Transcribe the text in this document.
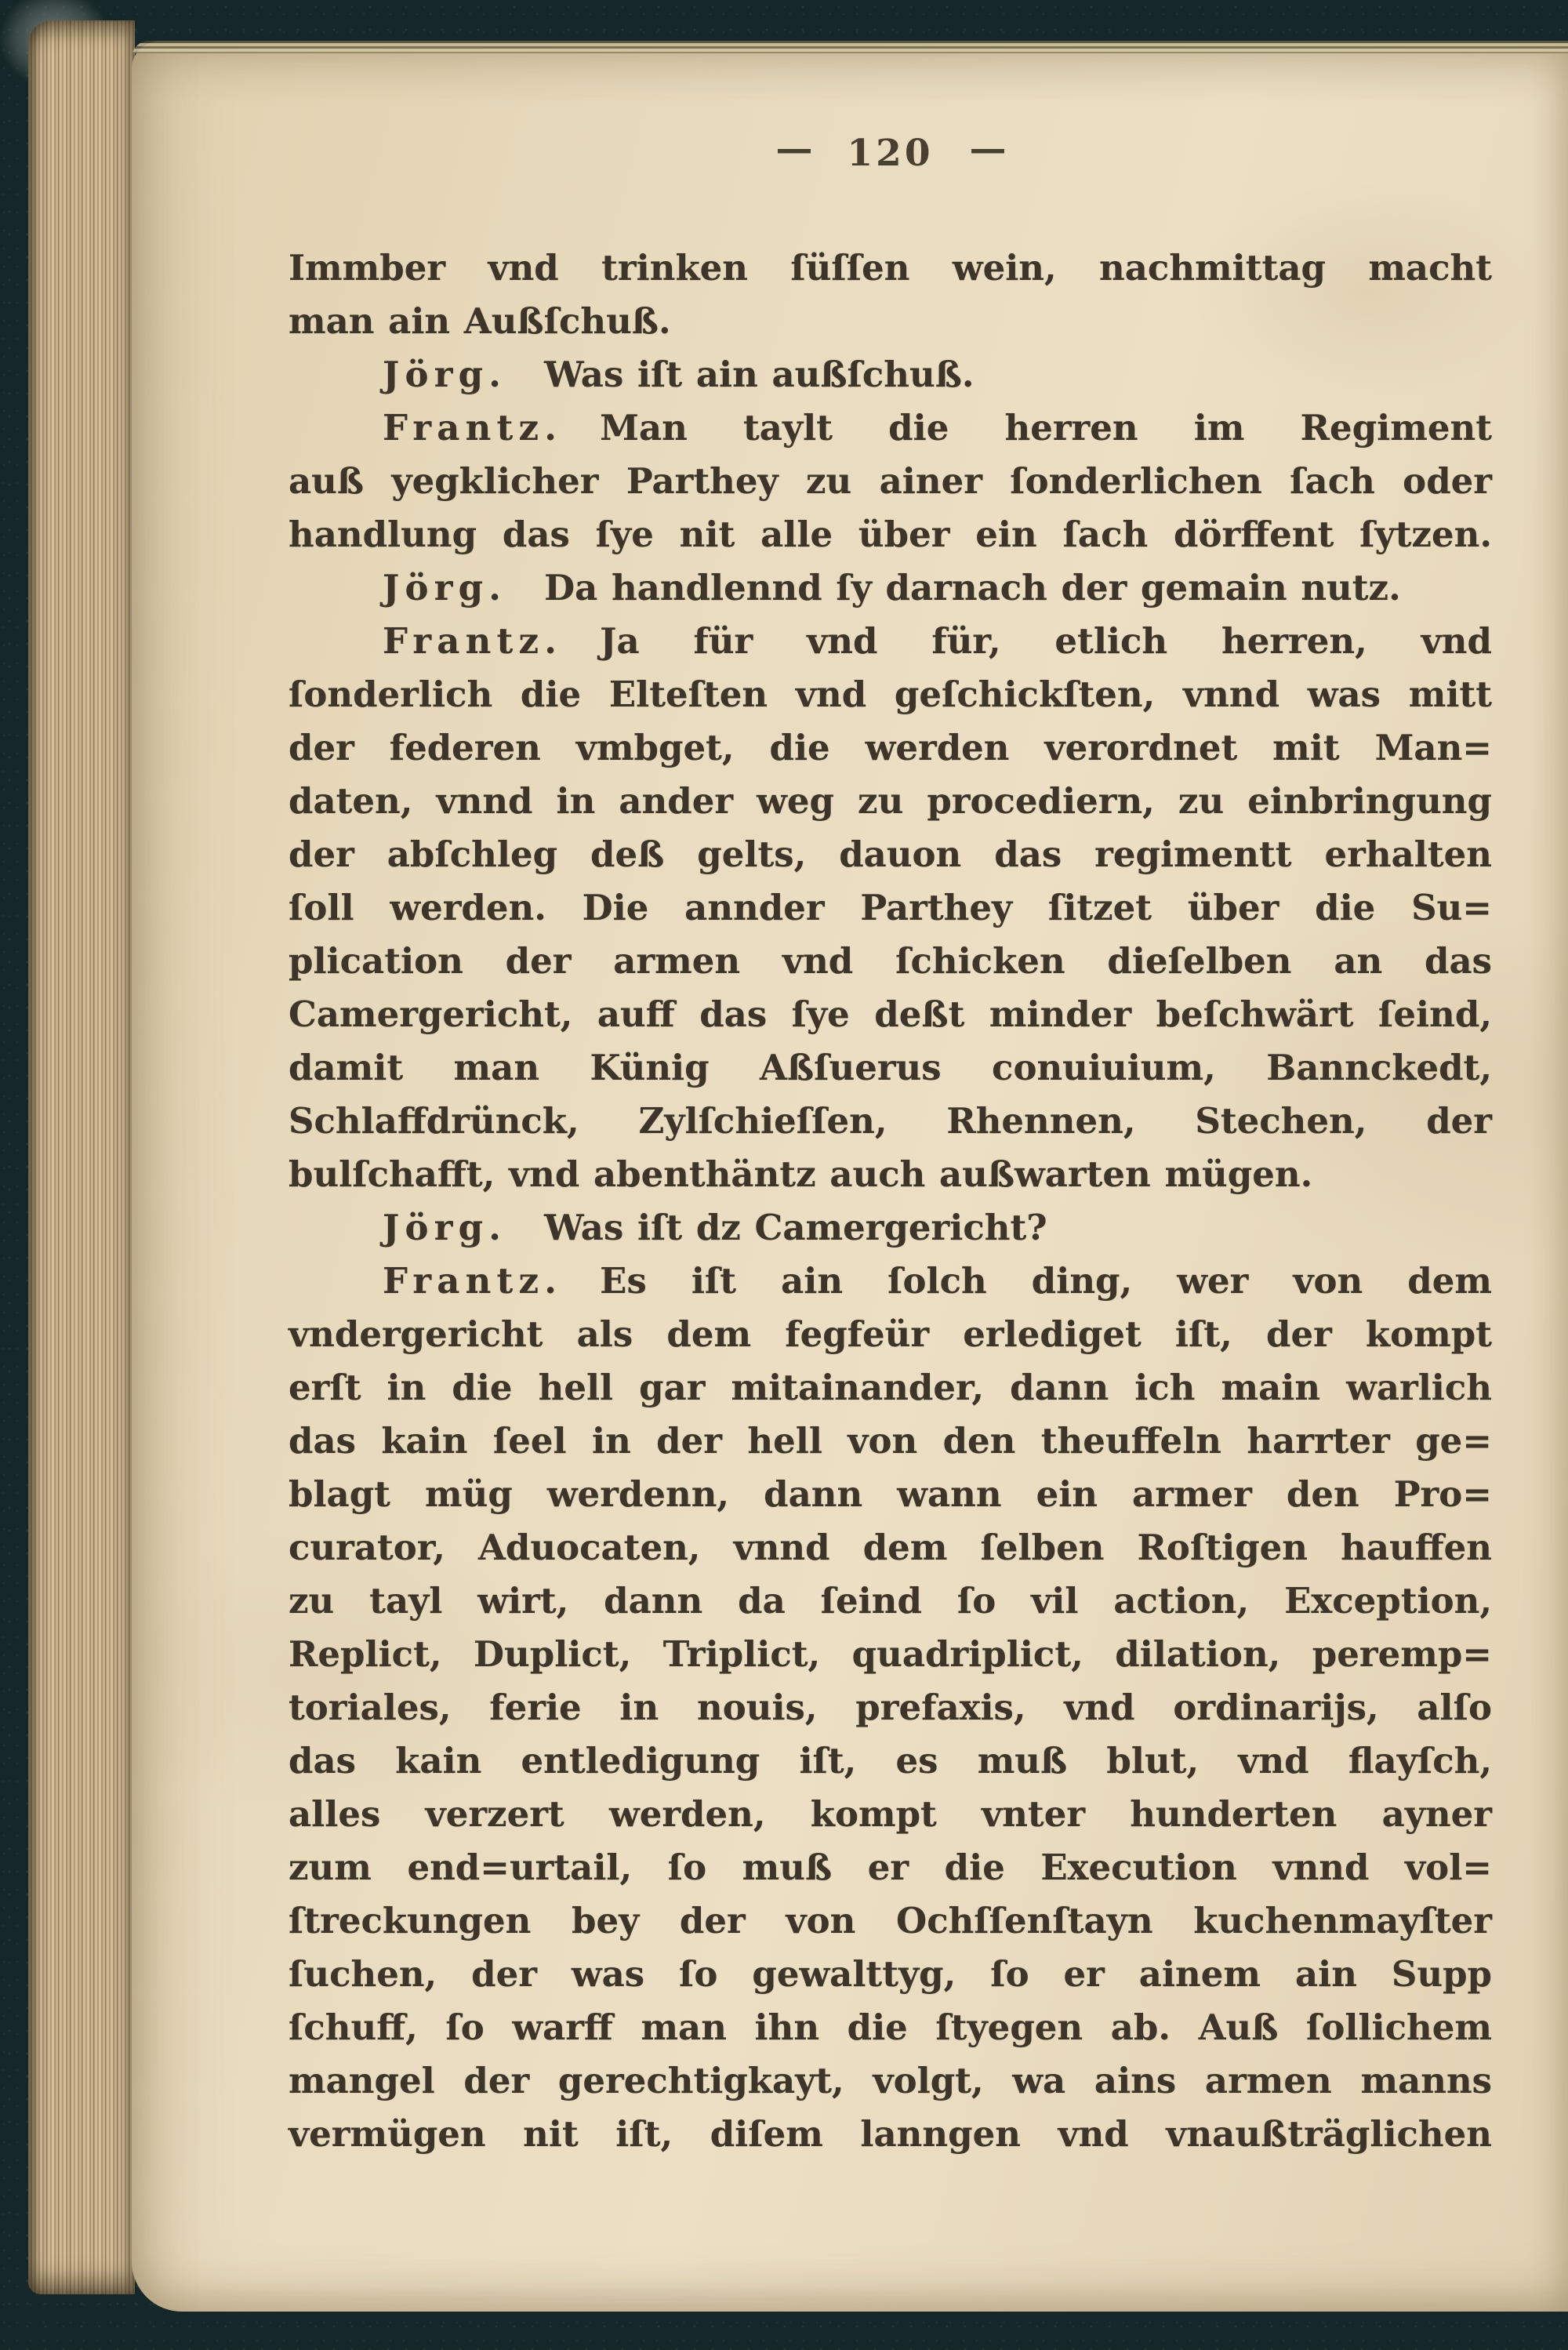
— 120 —
Immber vnd trinken ſüſſen wein, nachmittag macht
man ain Außſchuß.
Jörg. Was iſt ain außſchuß.
Frantz. Man taylt die herren im Regiment
auß yegklicher Parthey zu ainer ſonderlichen ſach oder
handlung das ſye nit alle über ein ſach dörffent ſytzen.
Jörg. Da handlennd ſy darnach der gemain nutz.
Frantz. Ja für vnd für, etlich herren, vnd
ſonderlich die Elteſten vnd geſchickſten, vnnd was mitt
der federen vmbget, die werden verordnet mit Man=
daten, vnnd in ander weg zu procediern, zu einbringung
der abſchleg deß gelts, dauon das regimentt erhalten
ſoll werden. Die annder Parthey ſitzet über die Su=
plication der armen vnd ſchicken dieſelben an das
Camergericht, auff das ſye deßt minder beſchwärt ſeind,
damit man Künig Aßſuerus conuiuium, Bannckedt,
Schlaffdrünck, Zylſchieſſen, Rhennen, Stechen, der
bulſchafft, vnd abenthäntz auch außwarten mügen.
Jörg. Was iſt dz Camergericht?
Frantz. Es iſt ain ſolch ding, wer von dem
vndergericht als dem fegfeür erlediget iſt, der kompt
erſt in die hell gar mitainander, dann ich main warlich
das kain ſeel in der hell von den theuffeln harrter ge=
blagt müg werdenn, dann wann ein armer den Pro=
curator, Aduocaten, vnnd dem ſelben Roſtigen hauffen
zu tayl wirt, dann da ſeind ſo vil action, Exception,
Replict, Duplict, Triplict, quadriplict, dilation, peremp=
toriales, ferie in nouis, prefaxis, vnd ordinarijs, alſo
das kain entledigung iſt, es muß blut, vnd flayſch,
alles verzert werden, kompt vnter hunderten ayner
zum end=urtail, ſo muß er die Execution vnnd vol=
ſtreckungen bey der von Ochſſenſtayn kuchenmayſter
ſuchen, der was ſo gewalttyg, ſo er ainem ain Supp
ſchuff, ſo warff man ihn die ſtyegen ab. Auß ſollichem
mangel der gerechtigkayt, volgt, wa ains armen manns
vermügen nit iſt, diſem lanngen vnd vnaußträglichen
